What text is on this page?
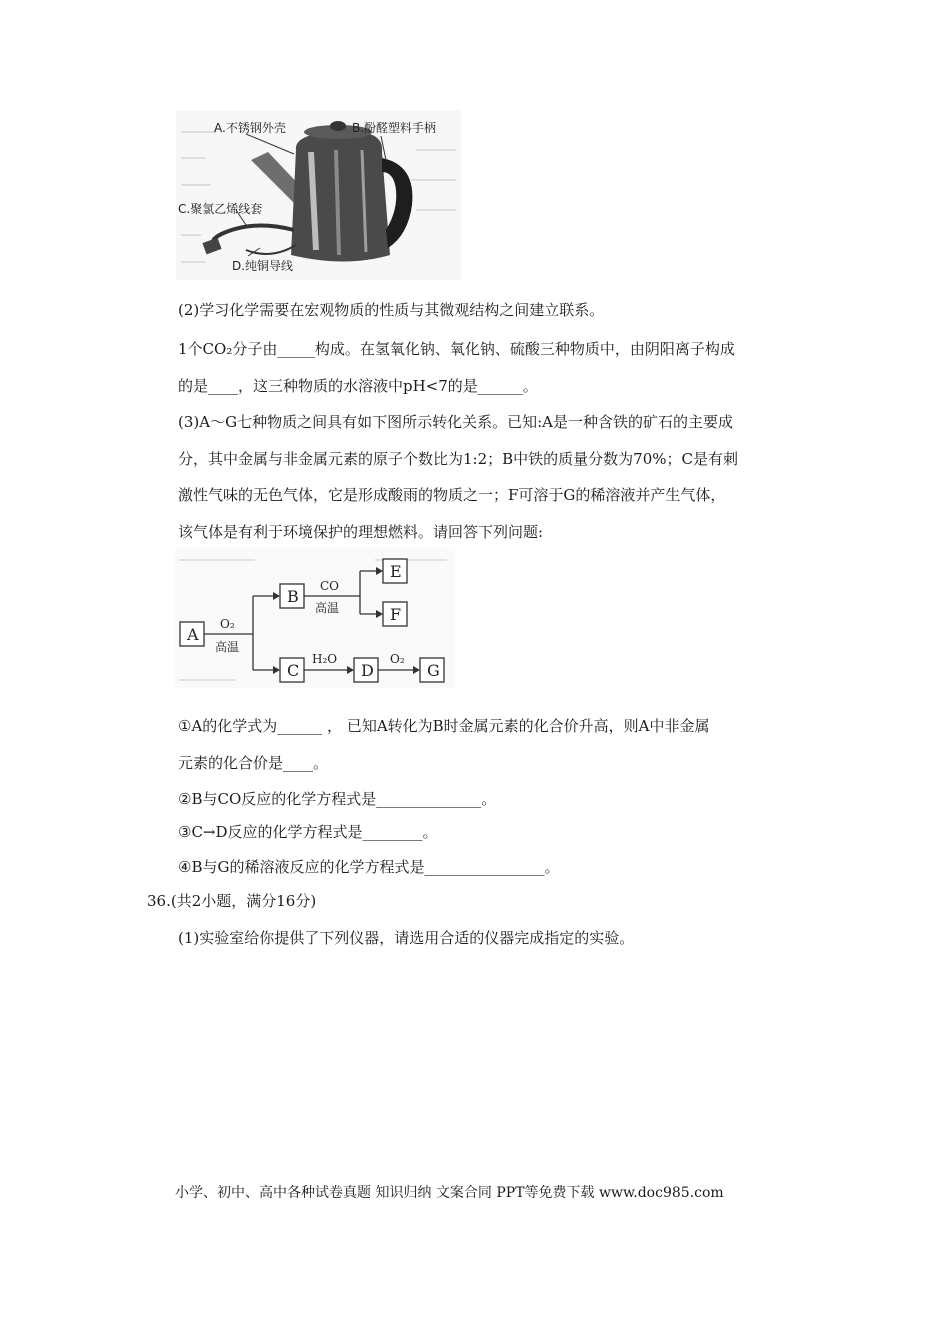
A.不锈钢外壳	B.酚醛塑料手柄
C.聚氯乙烯线套
D.纯铜导线
(2)学习化学需要在宏观物质的性质与其微观结构之间建立联系。
1个CO₂分子由_____构成。在氢氧化钠、氧化钠、硫酸三种物质中，由阴阳离子构成
的是____，这三种物质的水溶液中pH<7的是______。
(3)A～G七种物质之间具有如下图所示转化关系。已知:A是一种含铁的矿石的主要成
分，其中金属与非金属元素的原子个数比为1:2；B中铁的质量分数为70%；C是有刺
激性气味的无色气体，它是形成酸雨的物质之一；F可溶于G的稀溶液并产生气体，
该气体是有利于环境保护的理想燃料。请回答下列问题:
A
B
C
E
F
D	G
O₂
高温
CO
高温
H₂O	O₂
①A的化学式为______ ， 已知A转化为B时金属元素的化合价升高，则A中非金属
元素的化合价是____。
②B与CO反应的化学方程式是______________。
③C→D反应的化学方程式是________。
④B与G的稀溶液反应的化学方程式是________________。
36.(共2小题，满分16分)
(1)实验室给你提供了下列仪器，请选用合适的仪器完成指定的实验。
小学、初中、高中各种试卷真题 知识归纳 文案合同 PPT等免费下载 www.doc985.com
